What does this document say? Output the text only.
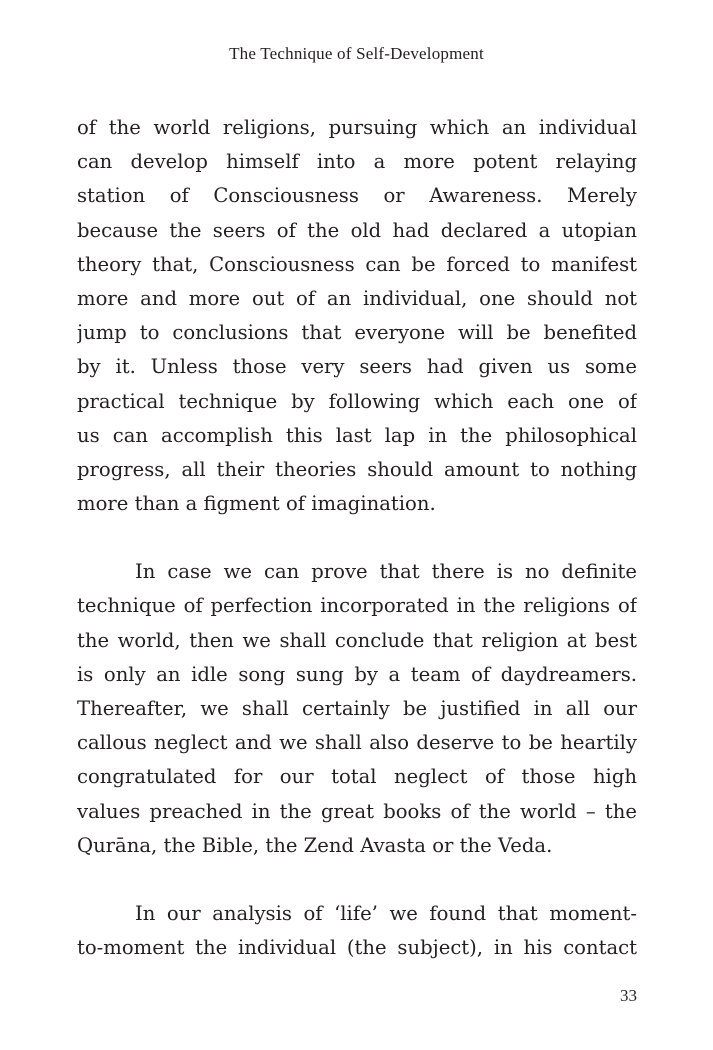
The Technique of Self-Development
of the world religions, pursuing which an individual
can develop himself into a more potent relaying
station of Consciousness or Awareness. Merely
because the seers of the old had declared a utopian
theory that, Consciousness can be forced to manifest
more and more out of an individual, one should not
jump to conclusions that everyone will be benefited
by it. Unless those very seers had given us some
practical technique by following which each one of
us can accomplish this last lap in the philosophical
progress, all their theories should amount to nothing
more than a figment of imagination.
In case we can prove that there is no definite
technique of perfection incorporated in the religions of
the world, then we shall conclude that religion at best
is only an idle song sung by a team of daydreamers.
Thereafter, we shall certainly be justified in all our
callous neglect and we shall also deserve to be heartily
congratulated for our total neglect of those high
values preached in the great books of the world – the
Qurāna, the Bible, the Zend Avasta or the Veda.
In our analysis of ‘life’ we found that moment-
to-moment the individual (the subject), in his contact
33
